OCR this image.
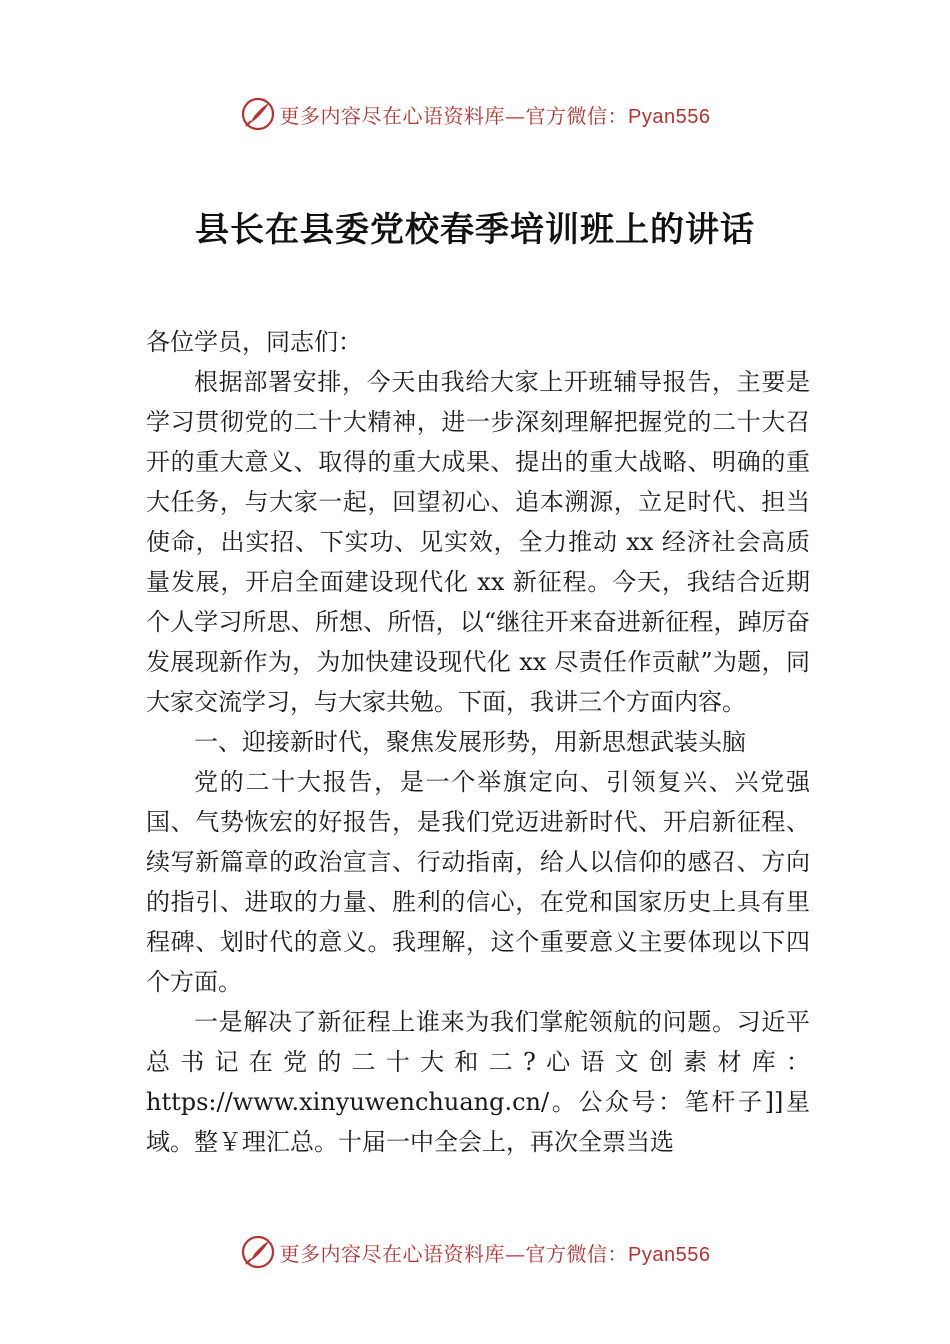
更多内容尽在心语资料库—官方微信：Pyan556
县长在县委党校春季培训班上的讲话

各位学员，同志们：

根据部署安排，今天由我给大家上开班辅导报告，主要是学习贯彻党的二十大精神，进一步深刻理解把握党的二十大召开的重大意义、取得的重大成果、提出的重大战略、明确的重大任务，与大家一起，回望初心、追本溯源，立足时代、担当使命，出实招、下实功、见实效，全力推动 xx 经济社会高质量发展，开启全面建设现代化 xx 新征程。今天，我结合近期个人学习所思、所想、所悟，以“继往开来奋进新征程，踔厉奋发展现新作为，为加快建设现代化 xx 尽责任作贡献”为题，同大家交流学习，与大家共勉。下面，我讲三个方面内容。

一、迎接新时代，聚焦发展形势，用新思想武装头脑

党的二十大报告，是一个举旗定向、引领复兴、兴党强国、气势恢宏的好报告，是我们党迈进新时代、开启新征程、续写新篇章的政治宣言、行动指南，给人以信仰的感召、方向的指引、进取的力量、胜利的信心，在党和国家历史上具有里程碑、划时代的意义。我理解，这个重要意义主要体现以下四个方面。

一是解决了新征程上谁来为我们掌舵领航的问题。习近平总书记在党的二十大和二?心语文创素材库：https://www.xinyuwenchuang.cn/。公众号：笔杆子]]星域。整￥理汇总。十届一中全会上，再次全票当选

更多内容尽在心语资料库—官方微信：Pyan556
